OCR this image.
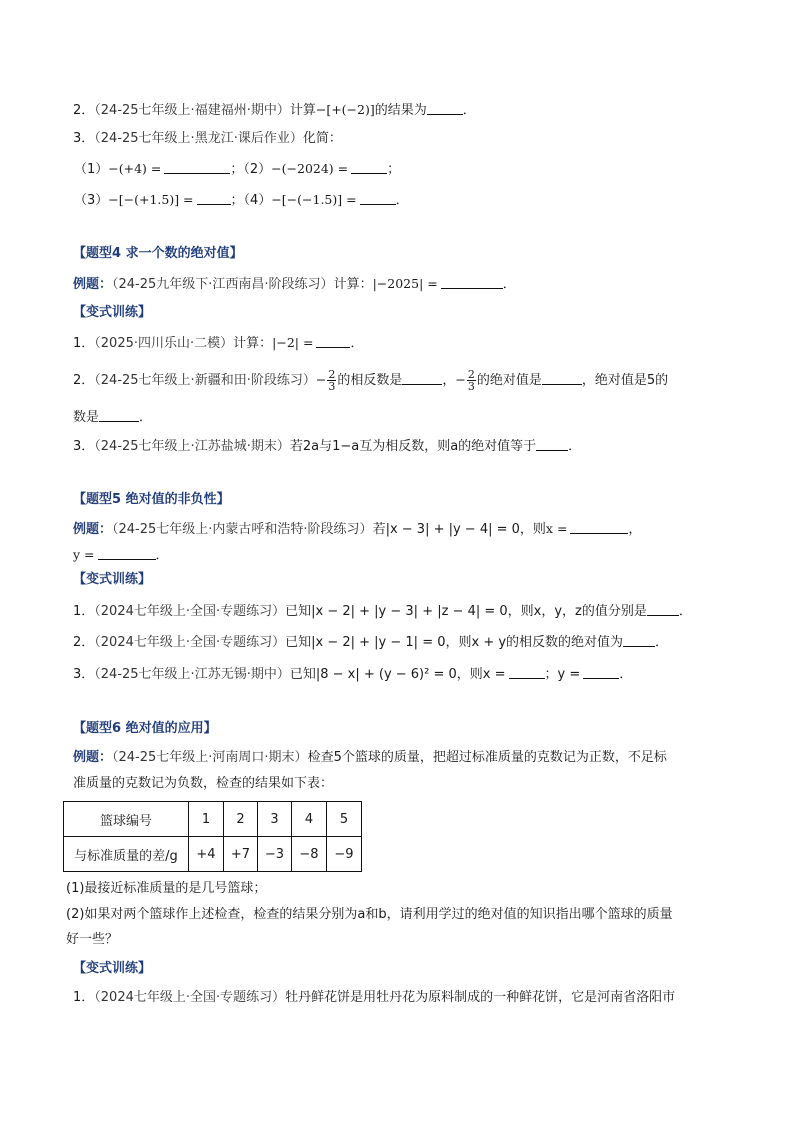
2．（24-25七年级上·福建福州·期中）计算−[+(−2)]的结果为	．
3．（24-25七年级上·黑龙江·课后作业）化简：
（1）−(+4) =	；（2）−(−2024) =	；
（3）−[−(+1.5)] =	；（4）−[−(−1.5)] =	．
【题型4 求一个数的绝对值】
例题：（24-25九年级下·江西南昌·阶段练习）计算：|−2025| =	．
【变式训练】
1．（2025·四川乐山·二模）计算：|−2| =	．
2．（24-25七年级上·新疆和田·阶段练习）− $\frac{2}{3}$ 的相反数是	，− $\frac{2}{3}$ 的绝对值是	，绝对值是5的
数是	．
3．（24-25七年级上·江苏盐城·期末）若2a与1−a互为相反数，则a的绝对值等于 ．
【题型5 绝对值的非负性】
例题：（24-25七年级上·内蒙古呼和浩特·阶段练习）若|x − 3| + |y − 4| = 0，则x =	，
y =	．
【变式训练】
1．（2024七年级上·全国·专题练习）已知|x − 2| + |y − 3| + |z − 4| = 0，则x，y，z的值分别是 ．
2．（2024七年级上·全国·专题练习）已知|x − 2| + |y − 1| = 0，则x + y的相反数的绝对值为 ．
3．（24-25七年级上·江苏无锡·期中）已知|8 − x| + (y − 6)² = 0，则x =	；y =	．
【题型6 绝对值的应用】
例题：（24-25七年级上·河南周口·期末）检查5个篮球的质量，把超过标准质量的克数记为正数，不足标
准质量的克数记为负数，检查的结果如下表：
篮球编号	1	2	3	4	5
与标准质量的差/g	+4	+7	−3	−8	−9
(1)最接近标准质量的是几号篮球；
(2)如果对两个篮球作上述检查，检查的结果分别为a和b，请利用学过的绝对值的知识指出哪个篮球的质量
好一些？
【变式训练】
1．（2024七年级上·全国·专题练习）牡丹鲜花饼是用牡丹花为原料制成的一种鲜花饼，它是河南省洛阳市
